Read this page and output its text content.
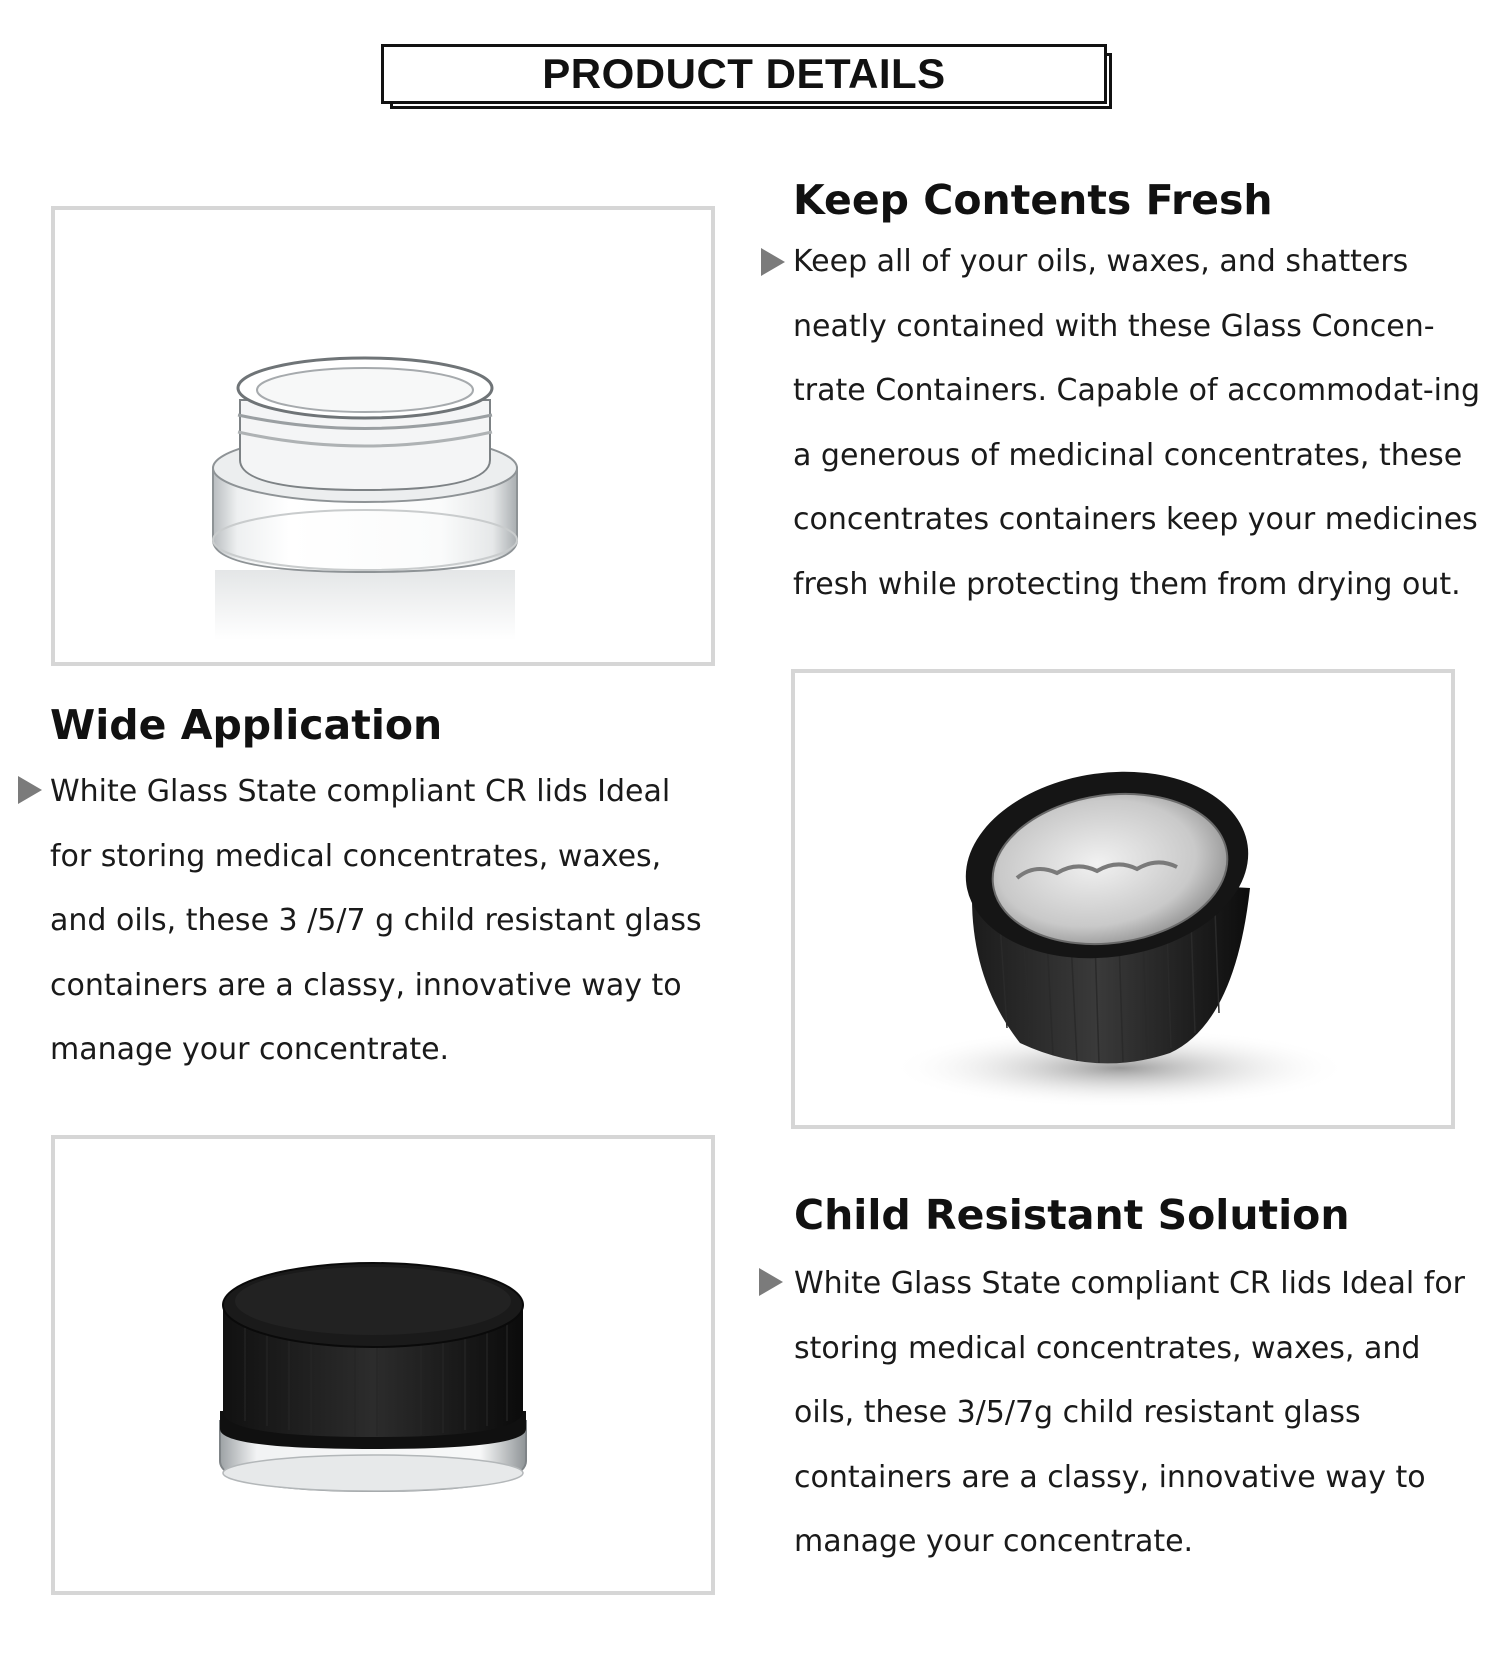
PRODUCT DETAILS
Keep Contents Fresh

Keep all of your oils, waxes, and shatters neatly contained with these Glass Concen-trate Containers. Capable of accommodat-ing a generous of medicinal concentrates, these concentrates containers keep your medicines fresh while protecting them from drying out.

Wide Application

White Glass State compliant CR lids Ideal for storing medical concentrates, waxes, and oils, these 3 /5/7 g child resistant glass containers are a classy, innovative way to manage your concentrate.

Child Resistant Solution

White Glass State compliant CR lids Ideal for storing medical concentrates, waxes, and oils, these 3/5/7g child resistant glass containers are a classy, innovative way to manage your concentrate.
